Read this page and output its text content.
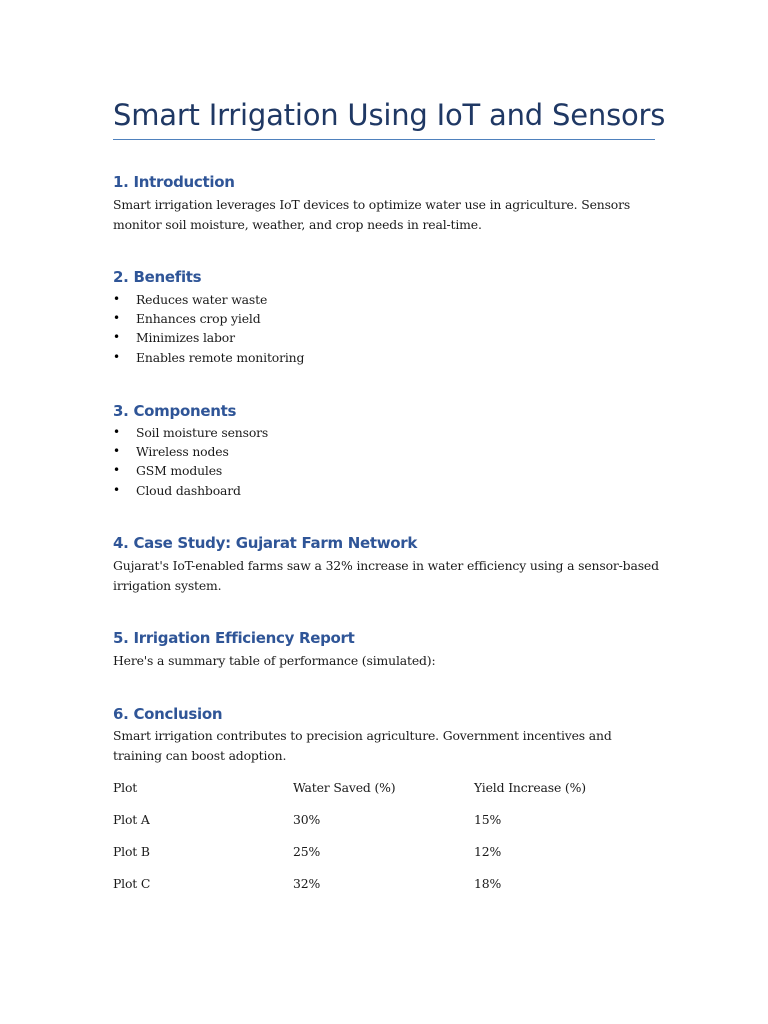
Smart Irrigation Using IoT and Sensors
1. Introduction

Smart irrigation leverages IoT devices to optimize water use in agriculture. Sensors monitor soil moisture, weather, and crop needs in real-time.

2. Benefits
• Reduces water waste
• Enhances crop yield
• Minimizes labor
• Enables remote monitoring
3. Components
• Soil moisture sensors
• Wireless nodes
• GSM modules
• Cloud dashboard
4. Case Study: Gujarat Farm Network

Gujarat's IoT-enabled farms saw a 32% increase in water efficiency using a sensor-based irrigation system.

5. Irrigation Efficiency Report

Here's a summary table of performance (simulated):

6. Conclusion

Smart irrigation contributes to precision agriculture. Government incentives and training can boost adoption.

Plot	Water Saved (%)	Yield Increase (%)
Plot A	30%	15%
Plot B	25%	12%
Plot C	32%	18%
